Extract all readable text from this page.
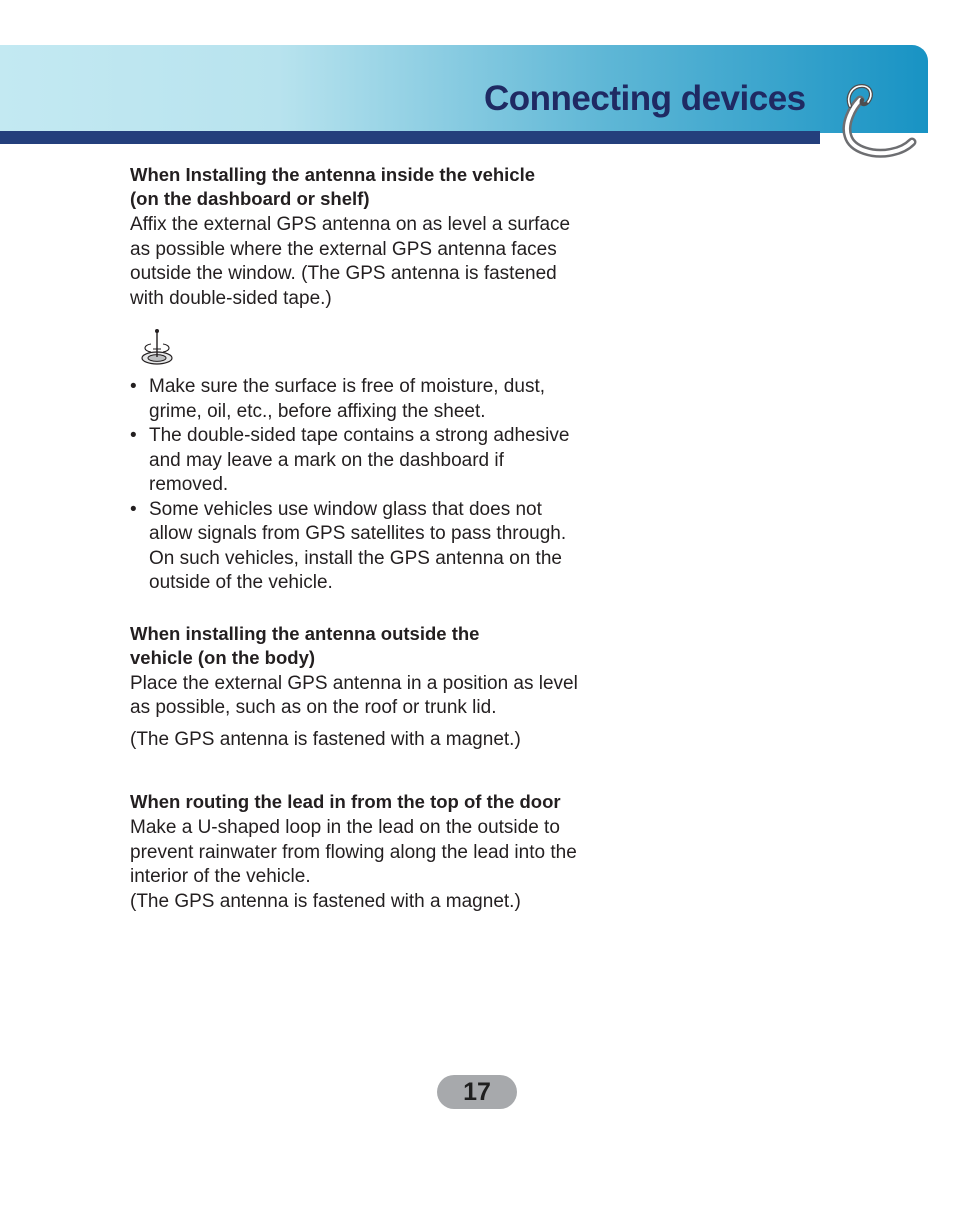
Connecting devices

When Installing the antenna inside the vehicle
(on the dashboard or shelf)

Affix the external GPS antenna on as level a surface
as possible where the external GPS antenna faces
outside the window. (The GPS antenna is fastened
with double-sided tape.)

• Make sure the surface is free of moisture, dust,
grime, oil, etc., before affixing the sheet.
• The double-sided tape contains a strong adhesive
and may leave a mark on the dashboard if
removed.
• Some vehicles use window glass that does not
allow signals from GPS satellites to pass through.
On such vehicles, install the GPS antenna on the
outside of the vehicle.

When installing the antenna outside the
vehicle (on the body)

Place the external GPS antenna in a position as level
as possible, such as on the roof or trunk lid.

(The GPS antenna is fastened with a magnet.)

When routing the lead in from the top of the door

Make a U-shaped loop in the lead on the outside to
prevent rainwater from flowing along the lead into the
interior of the vehicle.
(The GPS antenna is fastened with a magnet.)

17
